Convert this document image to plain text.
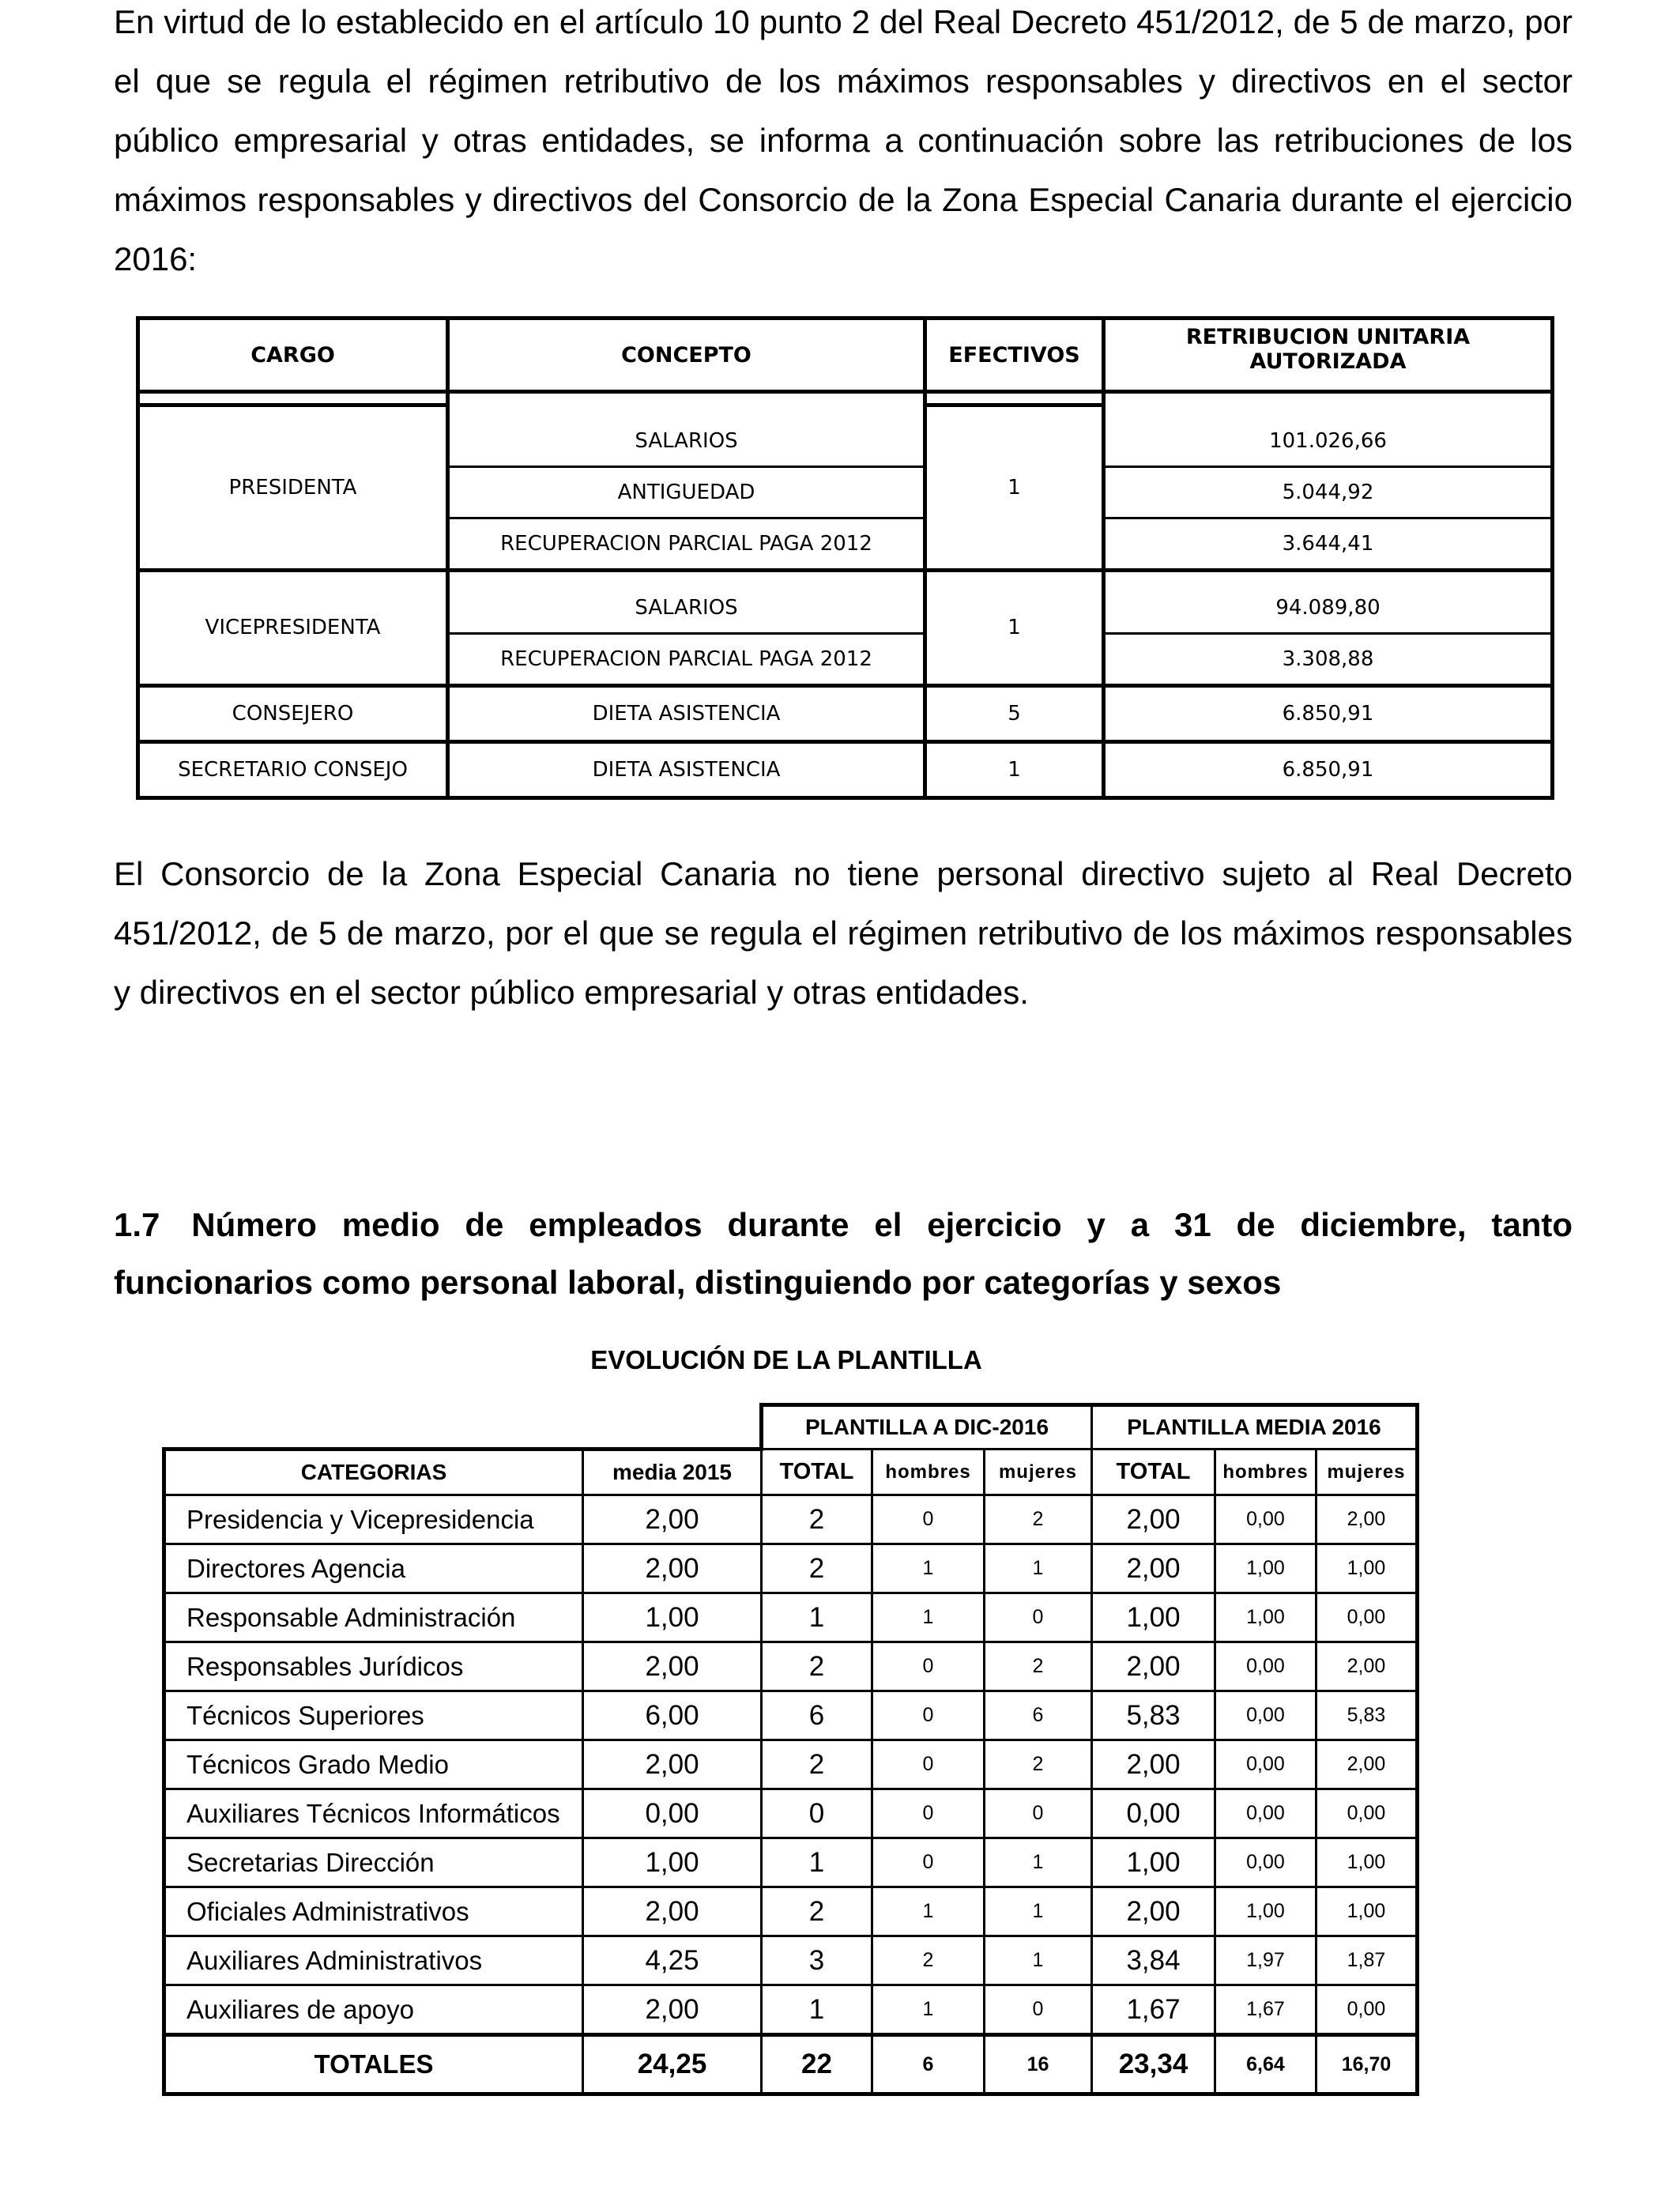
En virtud de lo establecido en el artículo 10 punto 2 del Real Decreto 451/2012, de 5 de marzo, por el que se regula el régimen retributivo de los máximos responsables y directivos en el sector público empresarial y otras entidades, se informa a continuación sobre las retribuciones de los máximos responsables y directivos del Consorcio de la Zona Especial Canaria durante el ejercicio 2016:

CARGO	CONCEPTO	EFECTIVOS	RETRIBUCION UNITARIA AUTORIZADA

PRESIDENTA	SALARIOS	1	101.026,66
	ANTIGUEDAD		5.044,92
	RECUPERACION PARCIAL PAGA 2012		3.644,41
VICEPRESIDENTA	SALARIOS	1	94.089,80
	RECUPERACION PARCIAL PAGA 2012		3.308,88
CONSEJERO	DIETA ASISTENCIA	5	6.850,91
SECRETARIO CONSEJO	DIETA ASISTENCIA	1	6.850,91

El Consorcio de la Zona Especial Canaria no tiene personal directivo sujeto al Real Decreto 451/2012, de 5 de marzo, por el que se regula el régimen retributivo de los máximos responsables y directivos en el sector público empresarial y otras entidades.

1.7 Número medio de empleados durante el ejercicio y a 31 de diciembre, tanto funcionarios como personal laboral, distinguiendo por categorías y sexos

EVOLUCIÓN DE LA PLANTILLA
		PLANTILLA A DIC-2016			PLANTILLA MEDIA 2016		
CATEGORIAS	media 2015	TOTAL	hombres	mujeres	TOTAL	hombres	mujeres
Presidencia y Vicepresidencia	2,00	2	0	2	2,00	0,00	2,00
Directores Agencia	2,00	2	1	1	2,00	1,00	1,00
Responsable Administración	1,00	1	1	0	1,00	1,00	0,00
Responsables Jurídicos	2,00	2	0	2	2,00	0,00	2,00
Técnicos Superiores	6,00	6	0	6	5,83	0,00	5,83
Técnicos Grado Medio	2,00	2	0	2	2,00	0,00	2,00
Auxiliares Técnicos Informáticos	0,00	0	0	0	0,00	0,00	0,00
Secretarias Dirección	1,00	1	0	1	1,00	0,00	1,00
Oficiales Administrativos	2,00	2	1	1	2,00	1,00	1,00
Auxiliares Administrativos	4,25	3	2	1	3,84	1,97	1,87
Auxiliares de apoyo	2,00	1	1	0	1,67	1,67	0,00
TOTALES	24,25	22	6	16	23,34	6,64	16,70
